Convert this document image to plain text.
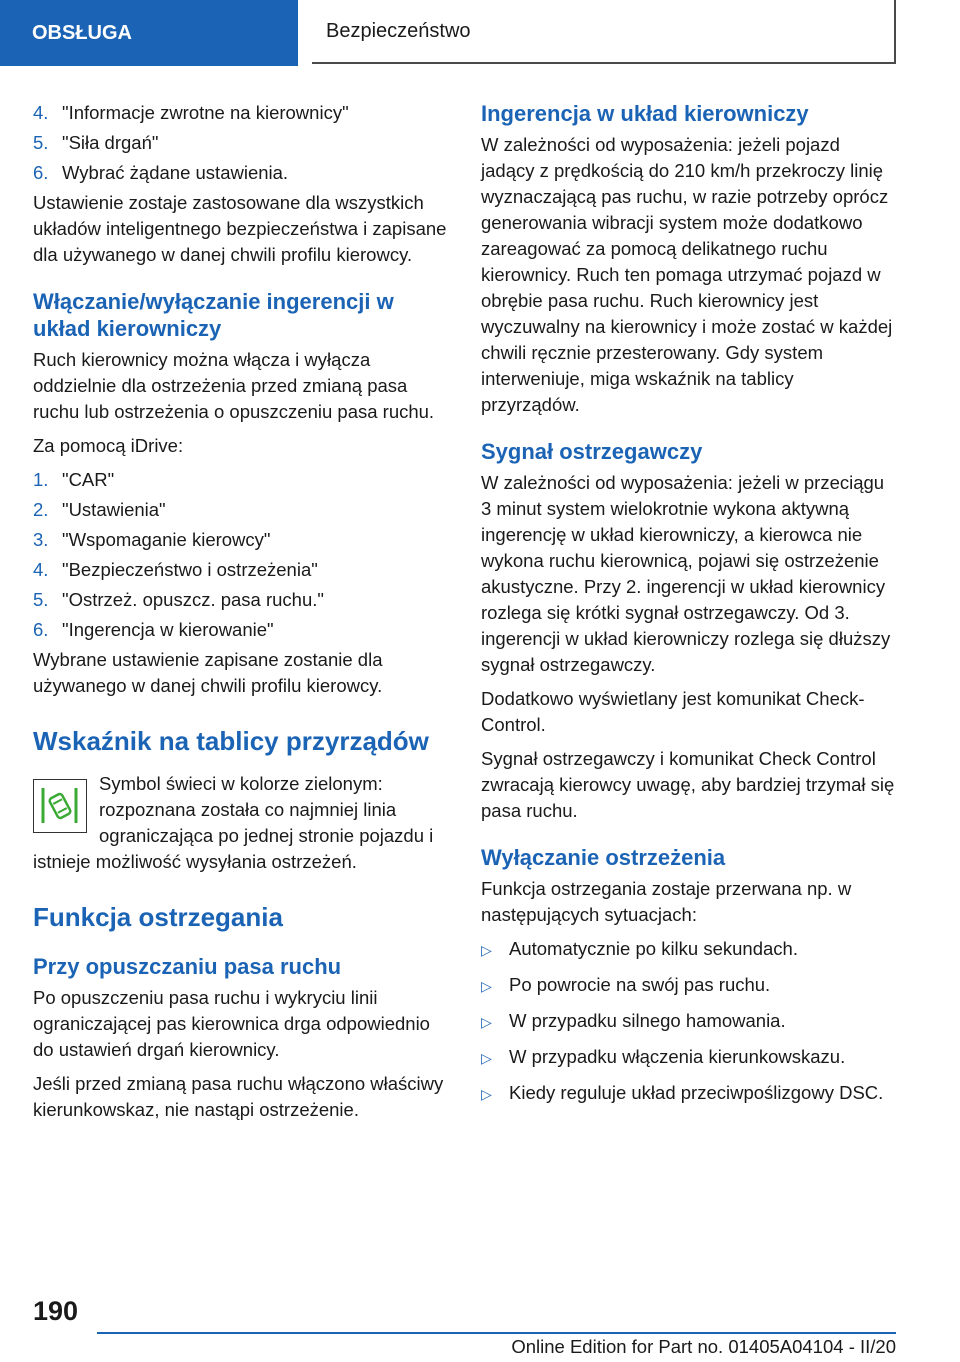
OBSŁUGA	Bezpieczeństwo
4. "Informacje zwrotne na kierownicy"
5. "Siła drgań"
6. Wybrać żądane ustawienia.

Ustawienie zostaje zastosowane dla wszystkich układów inteligentnego bezpieczeństwa i zapisane dla używanego w danej chwili profilu kierowcy.

Włączanie/wyłączanie ingerencji w układ kierowniczy

Ruch kierownicy można włącza i wyłącza oddzielnie dla ostrzeżenia przed zmianą pasa ruchu lub ostrzeżenia o opuszczeniu pasa ruchu.

Za pomocą iDrive:

1. "CAR"
2. "Ustawienia"
3. "Wspomaganie kierowcy"
4. "Bezpieczeństwo i ostrzeżenia"
5. "Ostrzeż. opuszcz. pasa ruchu."
6. "Ingerencja w kierowanie"

Wybrane ustawienie zapisane zostanie dla używanego w danej chwili profilu kierowcy.

Wskaźnik na tablicy przyrządów
Symbol świeci w kolorze zielonym: rozpoznana została co najmniej linia ograniczająca po jednej stronie pojazdu i istnieje możliwość wysyłania ostrzeżeń.
Funkcja ostrzegania
Przy opuszczaniu pasa ruchu

Po opuszczeniu pasa ruchu i wykryciu linii ograniczającej pas kierownica drga odpowiednio do ustawień drgań kierownicy.

Jeśli przed zmianą pasa ruchu włączono właściwy kierunkowskaz, nie nastąpi ostrzeżenie.

Ingerencja w układ kierowniczy

W zależności od wyposażenia: jeżeli pojazd jadący z prędkością do 210 km/h przekroczy linię wyznaczającą pas ruchu, w razie potrzeby oprócz generowania wibracji system może dodatkowo zareagować za pomocą delikatnego ruchu kierownicy. Ruch ten pomaga utrzymać pojazd w obrębie pasa ruchu. Ruch kierownicy jest wyczuwalny na kierownicy i może zostać w każdej chwili ręcznie przesterowany. Gdy system interweniuje, miga wskaźnik na tablicy przyrządów.

Sygnał ostrzegawczy

W zależności od wyposażenia: jeżeli w przeciągu 3 minut system wielokrotnie wykona aktywną ingerencję w układ kierowniczy, a kierowca nie wykona ruchu kierownicą, pojawi się ostrzeżenie akustyczne. Przy 2. ingerencji w układ kierownicy rozlega się krótki sygnał ostrzegawczy. Od 3. ingerencji w układ kierowniczy rozlega się dłuższy sygnał ostrzegawczy.

Dodatkowo wyświetlany jest komunikat Check-Control.

Sygnał ostrzegawczy i komunikat Check Control zwracają kierowcy uwagę, aby bardziej trzymał się pasa ruchu.

Wyłączanie ostrzeżenia

Funkcja ostrzegania zostaje przerwana np. w następujących sytuacjach:

▷ Automatycznie po kilku sekundach.
▷ Po powrocie na swój pas ruchu.
▷ W przypadku silnego hamowania.
▷ W przypadku włączenia kierunkowskazu.
▷ Kiedy reguluje układ przeciwpoślizgowy DSC.
190
Online Edition for Part no. 01405A04104 - II/20
